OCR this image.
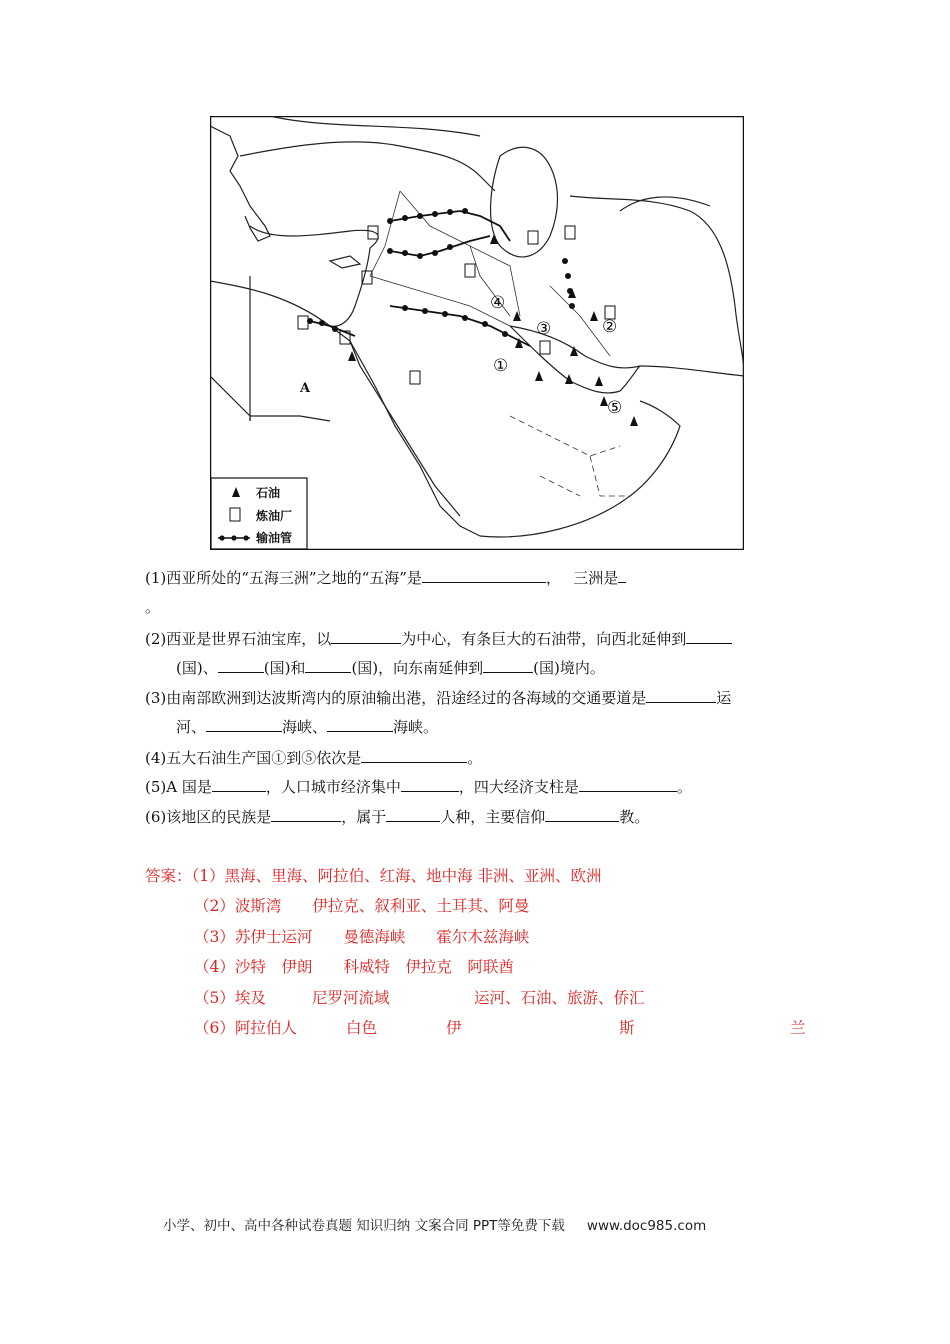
①
②
③
④
⑤
A
石油
炼油厂
输油管
(1)西亚所处的“五海三洲”之地的“五海”是	，　 三洲是
。
(2)西亚是世界石油宝库，以	为中心，有条巨大的石油带，向西北延伸到
(国)、	(国)和	(国)，向东南延伸到	(国)境内。
(3)由南部欧洲到达波斯湾内的原油输出港，沿途经过的各海域的交通要道是	运
河、	海峡、	海峡。
(4)五大石油生产国①到⑤依次是	。
(5)A 国是	，人口城市经济集中	，四大经济支柱是	。
(6)该地区的民族是	，属于	人种，主要信仰	教。
答案：（1）黑海、里海、阿拉伯、红海、地中海 非洲、亚洲、欧洲
（2）波斯湾　　伊拉克、叙利亚、土耳其、阿曼
（3）苏伊士运河　　曼德海峡　　霍尔木兹海峡
（4）沙特　伊朗　　科威特　伊拉克　阿联酋
（5）埃及	尼罗河流域	运河、石油、旅游、侨汇
（6）阿拉伯人	白色	伊	斯	兰
小学、初中、高中各种试卷真题 知识归纳 文案合同 PPT等免费下载 www.doc985.com
